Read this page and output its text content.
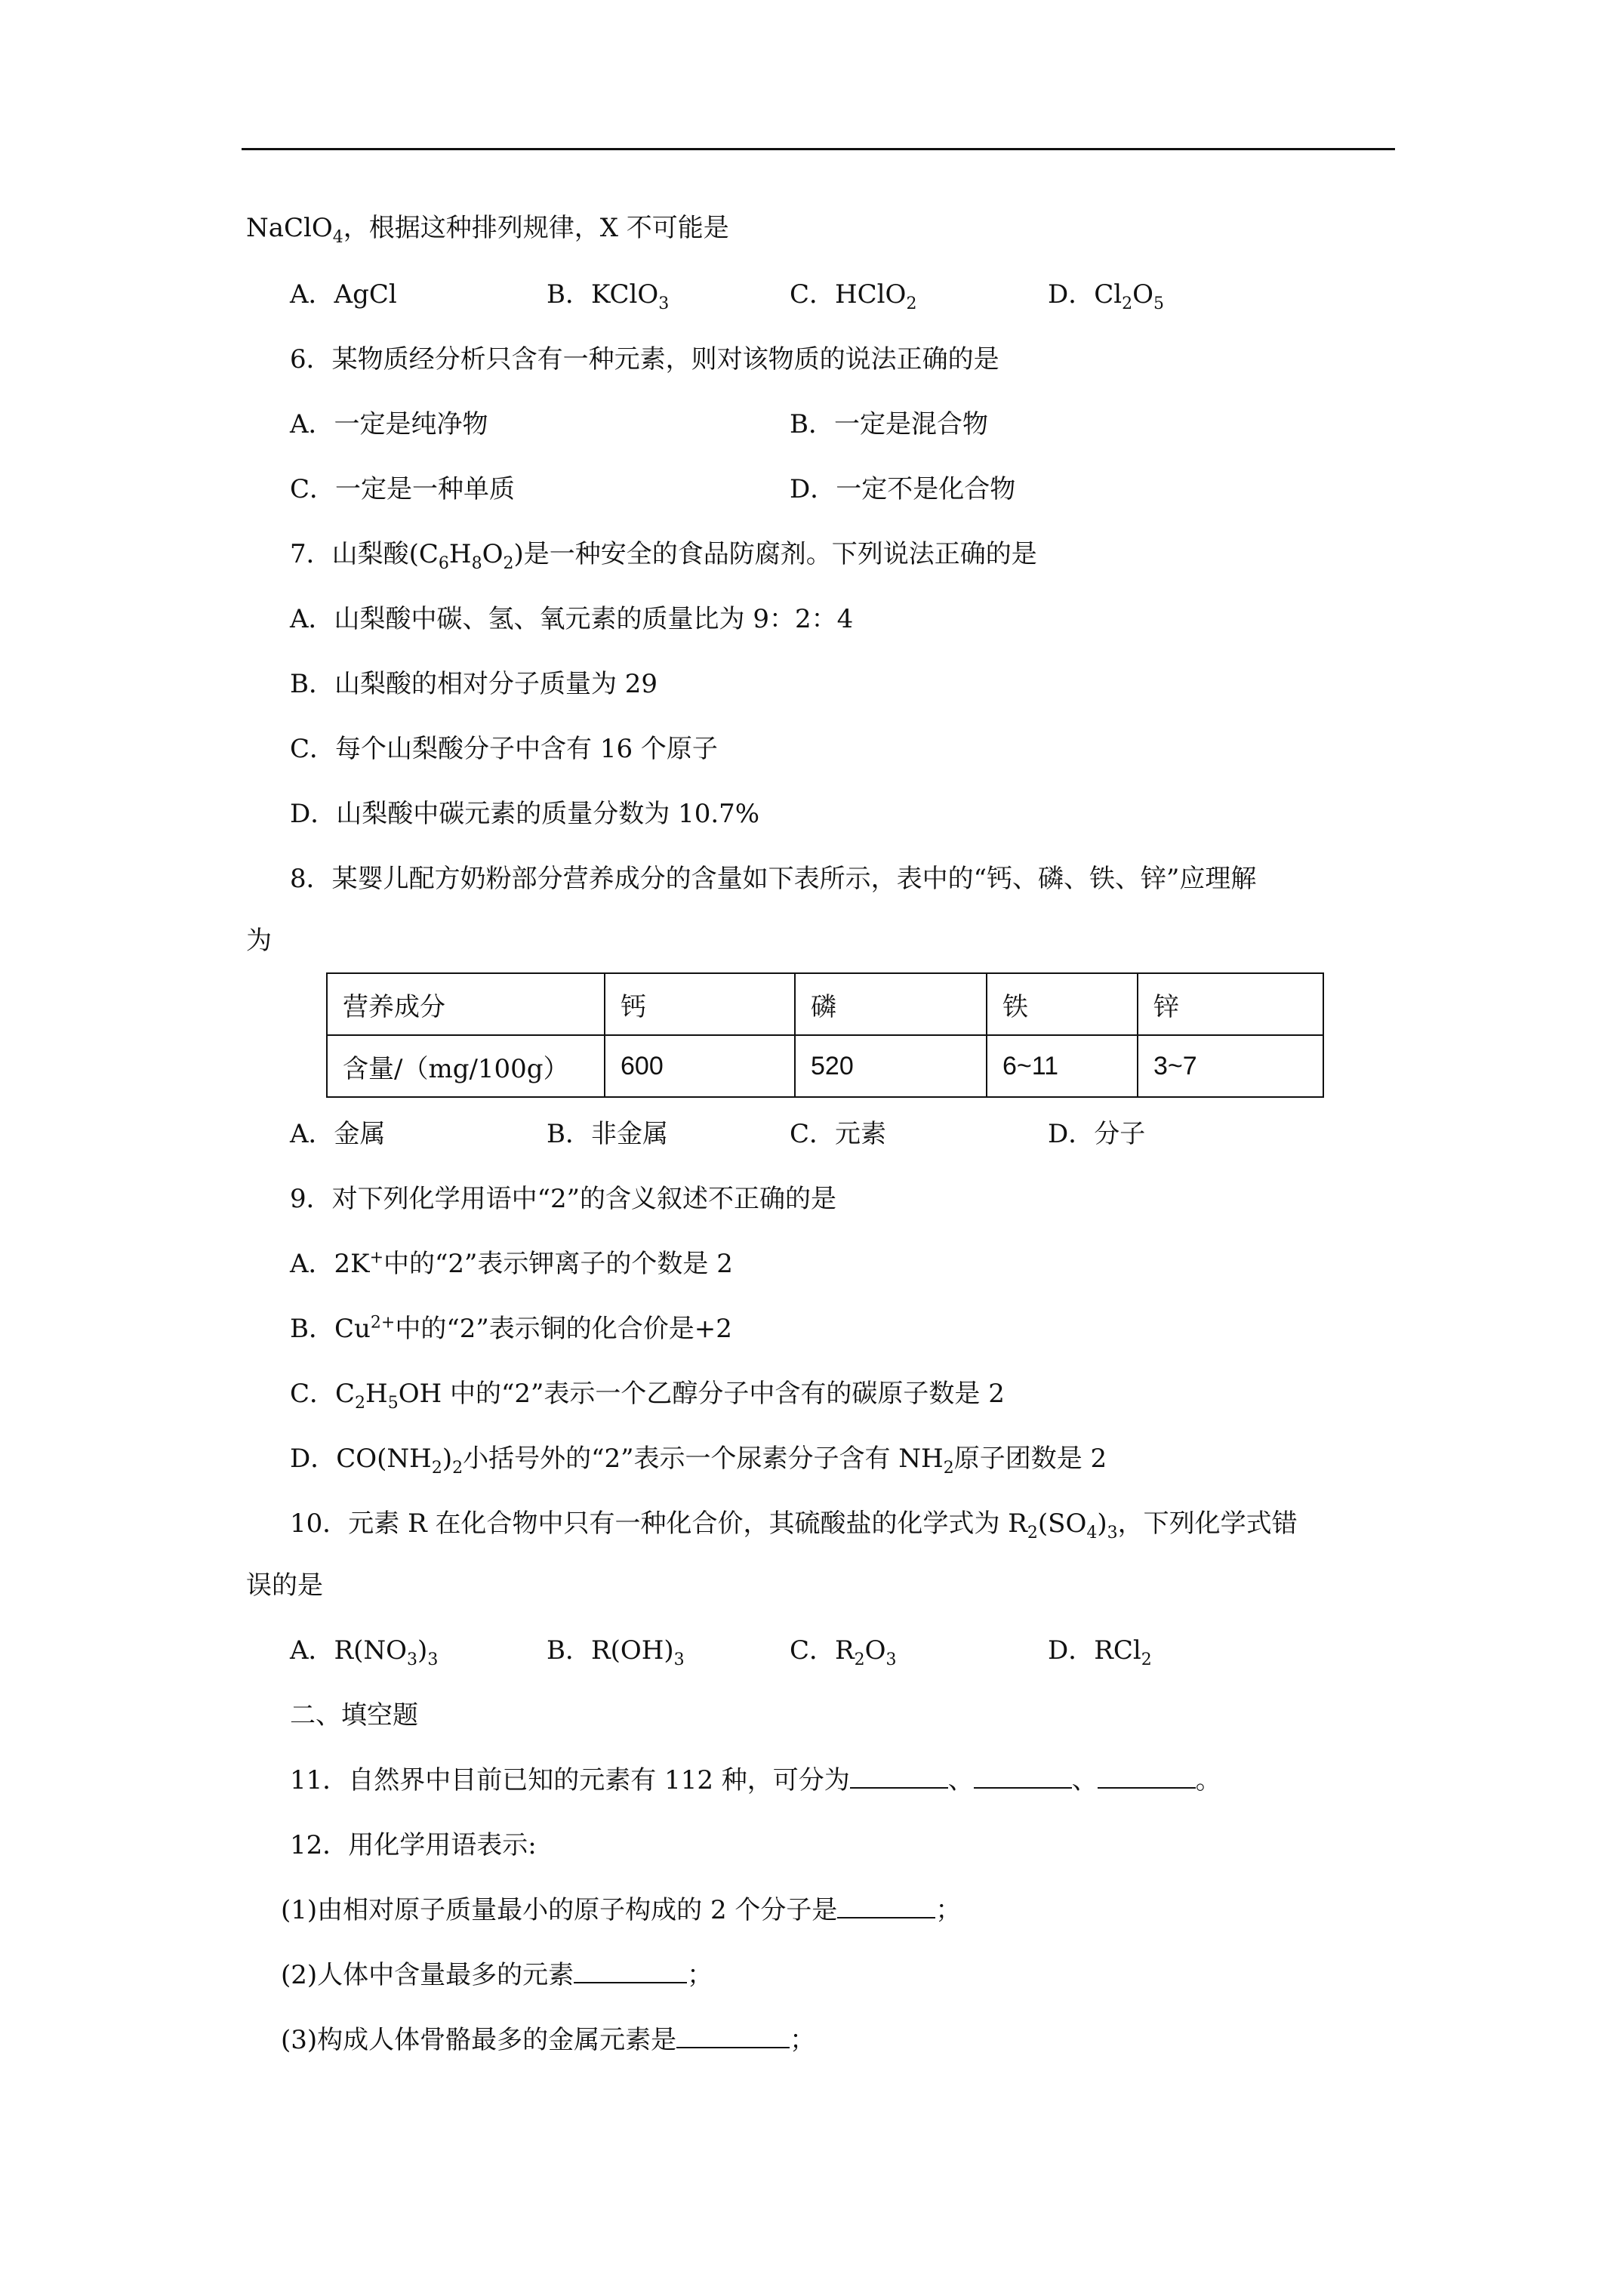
NaClO$_4$，根据这种排列规律，X 不可能是
A．AgCl	B．KClO$_3$	C．HClO$_2$	D．$Cl_2O_5$
6．某物质经分析只含有一种元素，则对该物质的说法正确的是
A．一定是纯净物	B．一定是混合物
C．一定是一种单质	D．一定不是化合物
7．山梨酸$(C_6H_8O_2)$是一种安全的食品防腐剂。下列说法正确的是
A．山梨酸中碳、氢、氧元素的质量比为 9：2：4
B．山梨酸的相对分子质量为 29
C．每个山梨酸分子中含有 16 个原子
D．山梨酸中碳元素的质量分数为 10.7%
8．某婴儿配方奶粉部分营养成分的含量如下表所示，表中的“钙、磷、铁、锌”应理解
为
营养成分	钙	磷	铁	锌
含量/（mg/100g）	600	520	6~11	3~7
A．金属	B．非金属	C．元素	D．分子
9．对下列化学用语中“2”的含义叙述不正确的是
A．2K+中的“2”表示钾离子的个数是 2
B．$Cu^{2+}$中的“2”表示铜的化合价是+2
C．$C_2H_5OH$ 中的“2”表示一个乙醇分子中含有的碳原子数是 2
D．$CO(NH_2)_2$小括号外的“2”表示一个尿素分子含有 $NH_2$原子团数是 2
10．元素 R 在化合物中只有一种化合价，其硫酸盐的化学式为 $R_2(SO_4)_3$，下列化学式错
误的是
A．$R(NO_3)_3$	B．$R(OH)_3$	C．$R_2O_3$	D．RCl$_2$
二、填空题
11．自然界中目前已知的元素有 112 种，可分为	、	、	。
12．用化学用语表示:
(1)由相对原子质量最小的原子构成的 2 个分子是	；
(2)人体中含量最多的元素	；
(3)构成人体骨骼最多的金属元素是	；
